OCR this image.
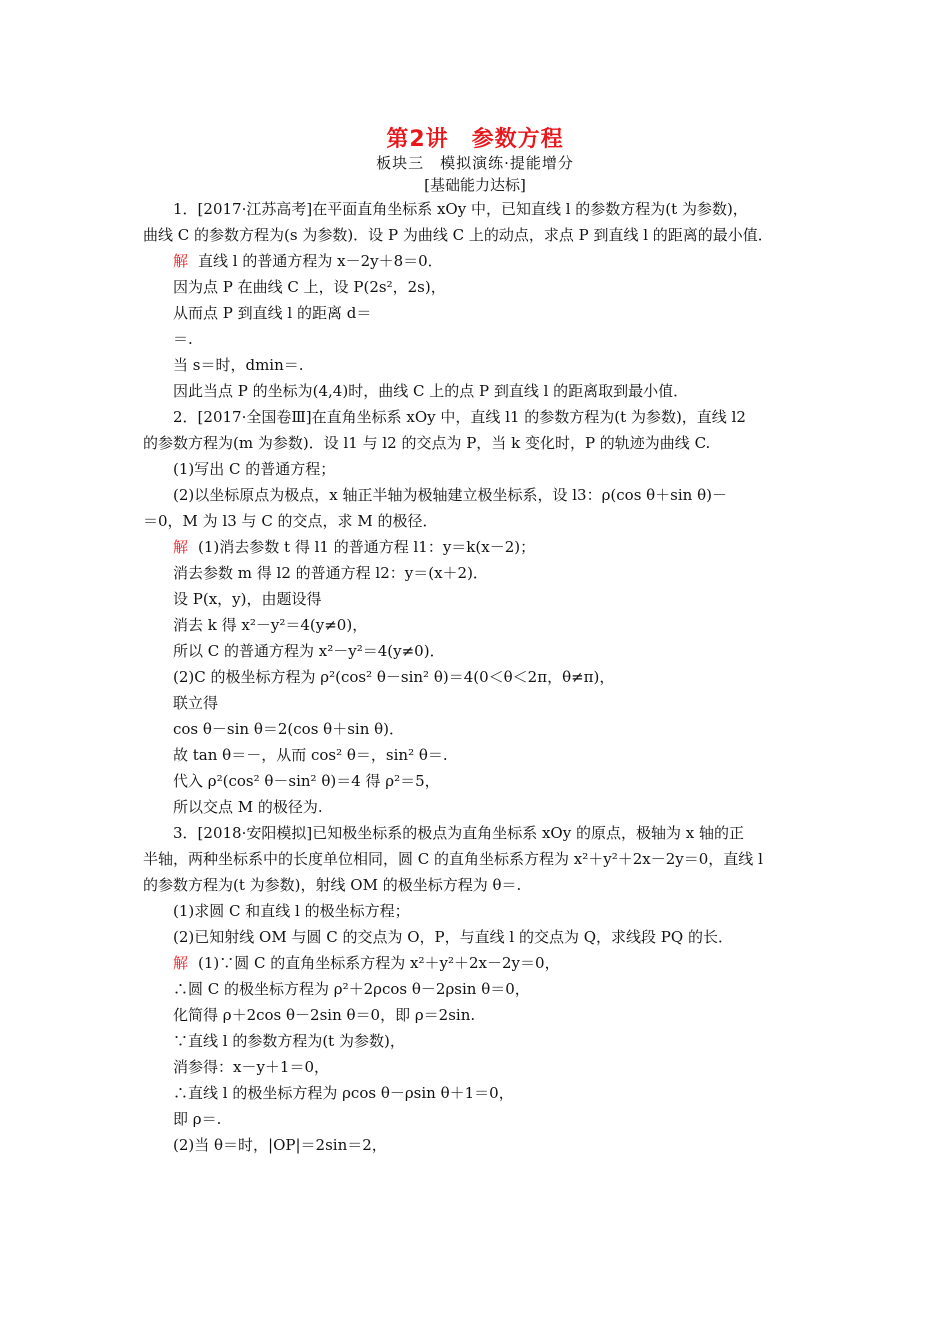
第2讲　参数方程
板块三　模拟演练·提能增分
[基础能力达标]
1．[2017·江苏高考]在平面直角坐标系 xOy 中，已知直线 l 的参数方程为(t 为参数)，
曲线 C 的参数方程为(s 为参数)．设 P 为曲线 C 上的动点，求点 P 到直线 l 的距离的最小值．
解 直线 l 的普通方程为 x－2y＋8＝0．
因为点 P 在曲线 C 上，设 P(2s²，2s)，
从而点 P 到直线 l 的距离 d＝
＝.
当 s＝时，dmin＝.
因此当点 P 的坐标为(4,4)时，曲线 C 上的点 P 到直线 l 的距离取到最小值．
2．[2017·全国卷Ⅲ]在直角坐标系 xOy 中，直线 l1 的参数方程为(t 为参数)，直线 l2
的参数方程为(m 为参数)．设 l1 与 l2 的交点为 P，当 k 变化时，P 的轨迹为曲线 C.
(1)写出 C 的普通方程；
(2)以坐标原点为极点，x 轴正半轴为极轴建立极坐标系，设 l3：ρ(cos θ＋sin θ)－
＝0，M 为 l3 与 C 的交点，求 M 的极径．
解 (1)消去参数 t 得 l1 的普通方程 l1：y＝k(x－2)；
消去参数 m 得 l2 的普通方程 l2：y＝(x＋2)．
设 P(x，y)，由题设得
消去 k 得 x²－y²＝4(y≠0)，
所以 C 的普通方程为 x²－y²＝4(y≠0)．
(2)C 的极坐标方程为 ρ²(cos² θ－sin² θ)＝4(0＜θ＜2π，θ≠π)，
联立得
cos θ－sin θ＝2(cos θ＋sin θ)．
故 tan θ＝－，从而 cos² θ＝，sin² θ＝.
代入 ρ²(cos² θ－sin² θ)＝4 得 ρ²＝5，
所以交点 M 的极径为.
3．[2018·安阳模拟]已知极坐标系的极点为直角坐标系 xOy 的原点，极轴为 x 轴的正
半轴，两种坐标系中的长度单位相同，圆 C 的直角坐标系方程为 x²＋y²＋2x－2y＝0，直线 l
的参数方程为(t 为参数)，射线 OM 的极坐标方程为 θ＝.
(1)求圆 C 和直线 l 的极坐标方程；
(2)已知射线 OM 与圆 C 的交点为 O，P，与直线 l 的交点为 Q，求线段 PQ 的长．
解 (1)∵圆 C 的直角坐标系方程为 x²＋y²＋2x－2y＝0，
∴圆 C 的极坐标方程为 ρ²＋2ρcos θ－2ρsin θ＝0，
化简得 ρ＋2cos θ－2sin θ＝0，即 ρ＝2sin.
∵直线 l 的参数方程为(t 为参数)，
消参得：x－y＋1＝0，
∴直线 l 的极坐标方程为 ρcos θ－ρsin θ＋1＝0，
即 ρ＝.
(2)当 θ＝时，|OP|＝2sin＝2，
